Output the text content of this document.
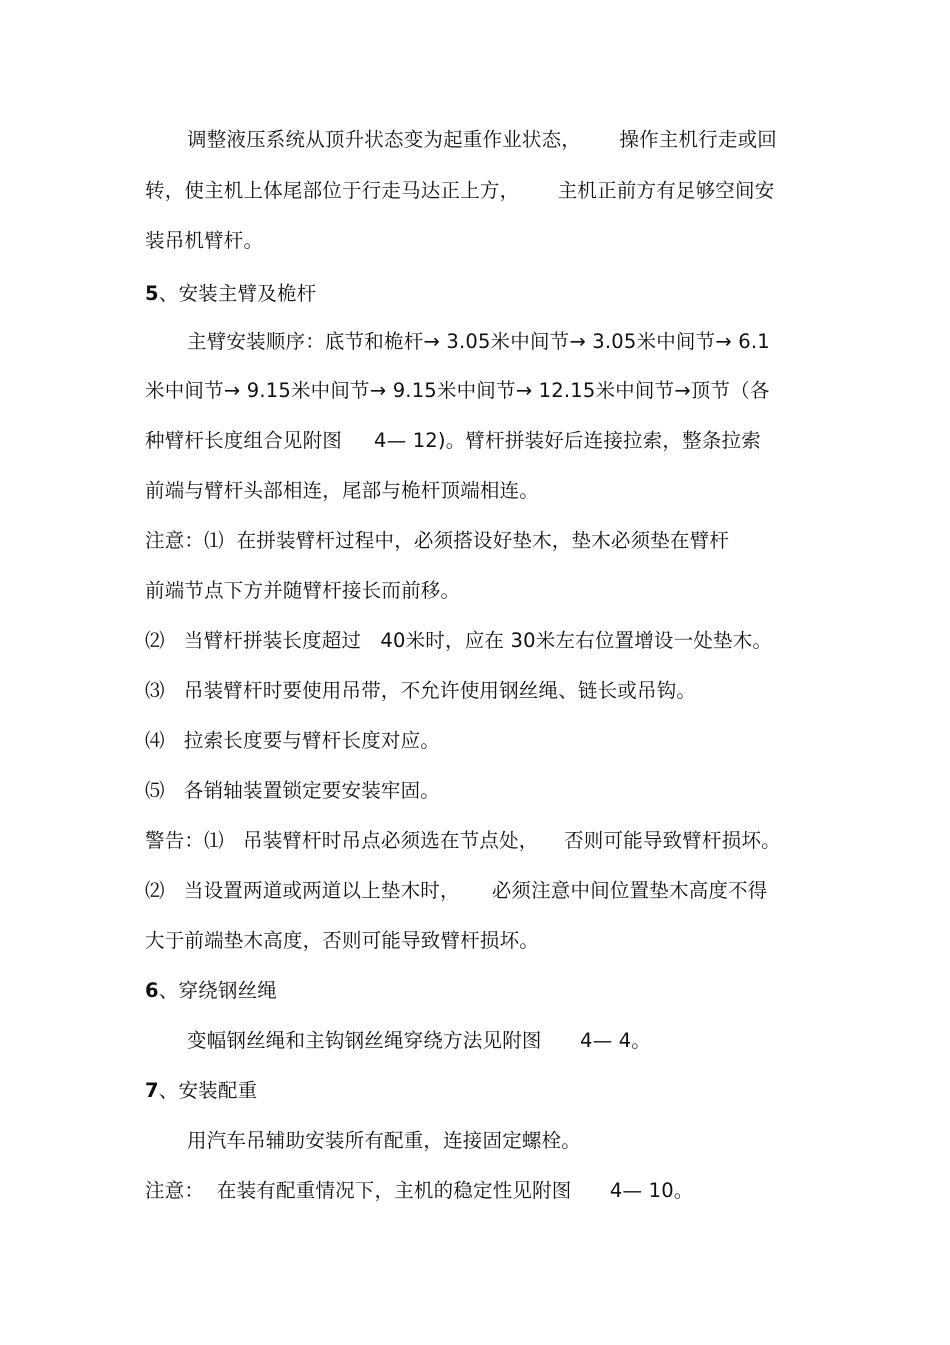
调整液压系统从顶升状态变为起重作业状态，      操作主机行走或回
转，使主机上体尾部位于行走马达正上方，      主机正前方有足够空间安
装吊机臂杆。
5、安装主臂及桅杆
主臂安装顺序：底节和桅杆→ 3.05米中间节→ 3.05米中间节→ 6.1
米中间节→ 9.15米中间节→ 9.15米中间节→ 12.15米中间节→顶节（各
种臂杆长度组合见附图     4— 12)。臂杆拼装好后连接拉索，整条拉索
前端与臂杆头部相连，尾部与桅杆顶端相连。
注意：⑴  在拼装臂杆过程中，必须搭设好垫木，垫木必须垫在臂杆
前端节点下方并随臂杆接长而前移。
⑵   当臂杆拼装长度超过   40米时，应在 30米左右位置增设一处垫木。
⑶   吊装臂杆时要使用吊带，不允许使用钢丝绳、链长或吊钩。
⑷   拉索长度要与臂杆长度对应。
⑸   各销轴装置锁定要安装牢固。
警告：⑴   吊装臂杆时吊点必须选在节点处，    否则可能导致臂杆损坏。
⑵   当设置两道或两道以上垫木时，     必须注意中间位置垫木高度不得
大于前端垫木高度，否则可能导致臂杆损坏。
6、穿绕钢丝绳
变幅钢丝绳和主钩钢丝绳穿绕方法见附图      4— 4。
7、安装配重
用汽车吊辅助安装所有配重，连接固定螺栓。
注意：  在装有配重情况下，主机的稳定性见附图      4— 10。
